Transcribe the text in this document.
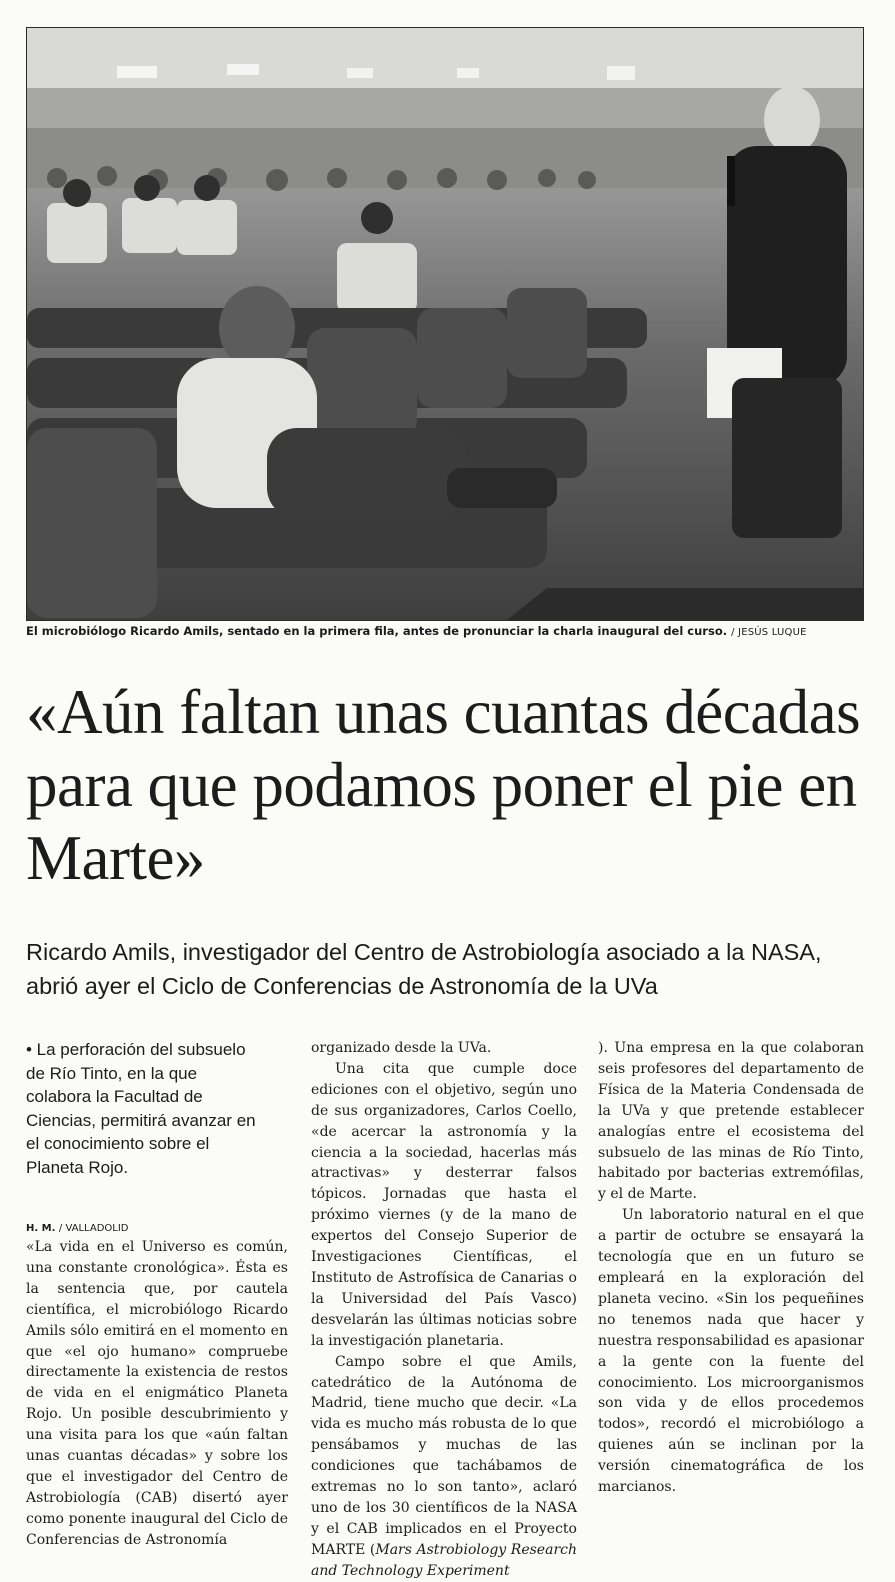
El microbiólogo Ricardo Amils, sentado en la primera fila, antes de pronunciar la charla inaugural del curso. / JESÚS LUQUE
«Aún faltan unas cuantas décadas para que podamos poner el pie en Marte»
Ricardo Amils, investigador del Centro de Astrobiología asociado a la NASA, abrió ayer el Ciclo de Conferencias de Astronomía de la UVa

• La perforación del subsuelo de Río Tinto, en la que colabora la Facultad de Ciencias, permitirá avanzar en el conocimiento sobre el Planeta Rojo.

H. M. / VALLADOLID

«La vida en el Universo es común, una constante cronológica». Ésta es la sentencia que, por cautela científica, el microbiólogo Ricardo Amils sólo emitirá en el momento en que «el ojo humano» compruebe directamente la existencia de restos de vida en el enigmático Planeta Rojo. Un posible descubrimiento y una visita para los que «aún faltan unas cuantas décadas» y sobre los que el investigador del Centro de Astrobiología (CAB) disertó ayer como ponente inaugural del Ciclo de Conferencias de Astronomía

organizado desde la UVa.

Una cita que cumple doce ediciones con el objetivo, según uno de sus organizadores, Carlos Coello, «de acercar la astronomía y la ciencia a la sociedad, hacerlas más atractivas» y desterrar falsos tópicos. Jornadas que hasta el próximo viernes (y de la mano de expertos del Consejo Superior de Investigaciones Científicas, el Instituto de Astrofísica de Canarias o la Universidad del País Vasco) desvelarán las últimas noticias sobre la investigación planetaria.

Campo sobre el que Amils, catedrático de la Autónoma de Madrid, tiene mucho que decir. «La vida es mucho más robusta de lo que pensábamos y muchas de las condiciones que tachábamos de extremas no lo son tanto», aclaró uno de los 30 científicos de la NASA y el CAB implicados en el Proyecto MARTE (Mars Astrobiology Research and Technology Experiment

). Una empresa en la que colaboran seis profesores del departamento de Física de la Materia Condensada de la UVa y que pretende establecer analogías entre el ecosistema del subsuelo de las minas de Río Tinto, habitado por bacterias extremófilas, y el de Marte.

Un laboratorio natural en el que a partir de octubre se ensayará la tecnología que en un futuro se empleará en la exploración del planeta vecino. «Sin los pequeñines no tenemos nada que hacer y nuestra responsabilidad es apasionar a la gente con la fuente del conocimiento. Los microorganismos son vida y de ellos procedemos todos», recordó el microbiólogo a quienes aún se inclinan por la versión cinematográfica de los marcianos.
